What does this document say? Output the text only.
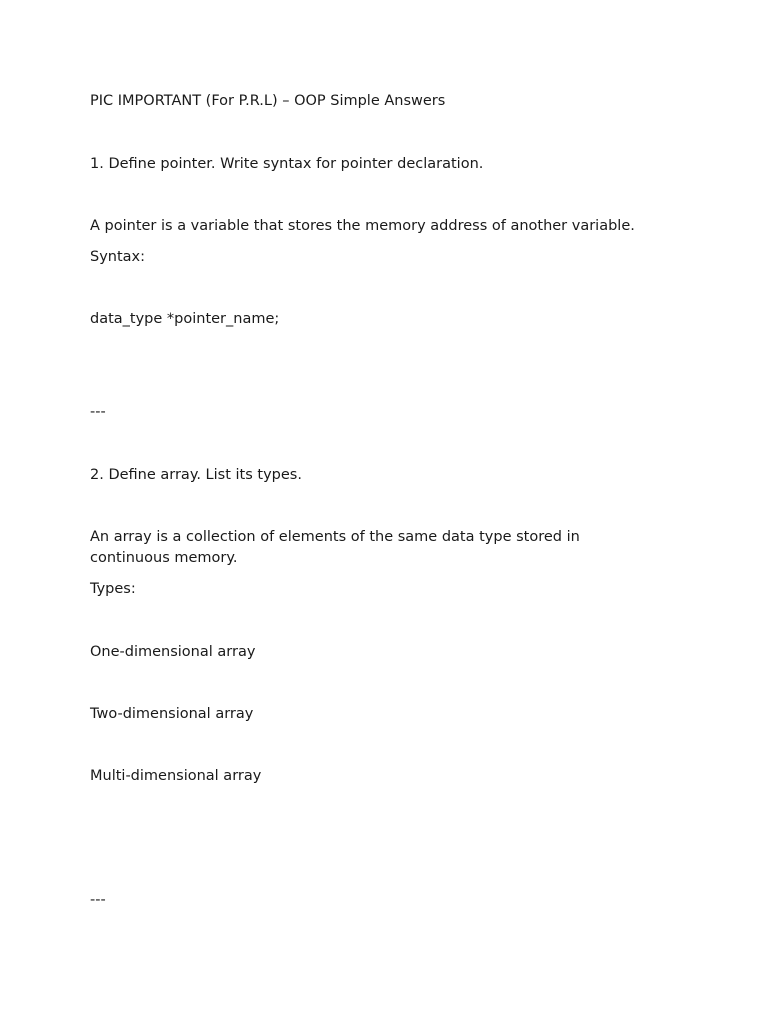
PIC IMPORTANT (For P.R.L) – OOP Simple Answers
1. Define pointer. Write syntax for pointer declaration.
A pointer is a variable that stores the memory address of another variable.
Syntax:
data_type *pointer_name;
---
2. Define array. List its types.
An array is a collection of elements of the same data type stored in continuous memory.
Types:
One-dimensional array
Two-dimensional array
Multi-dimensional array
---
